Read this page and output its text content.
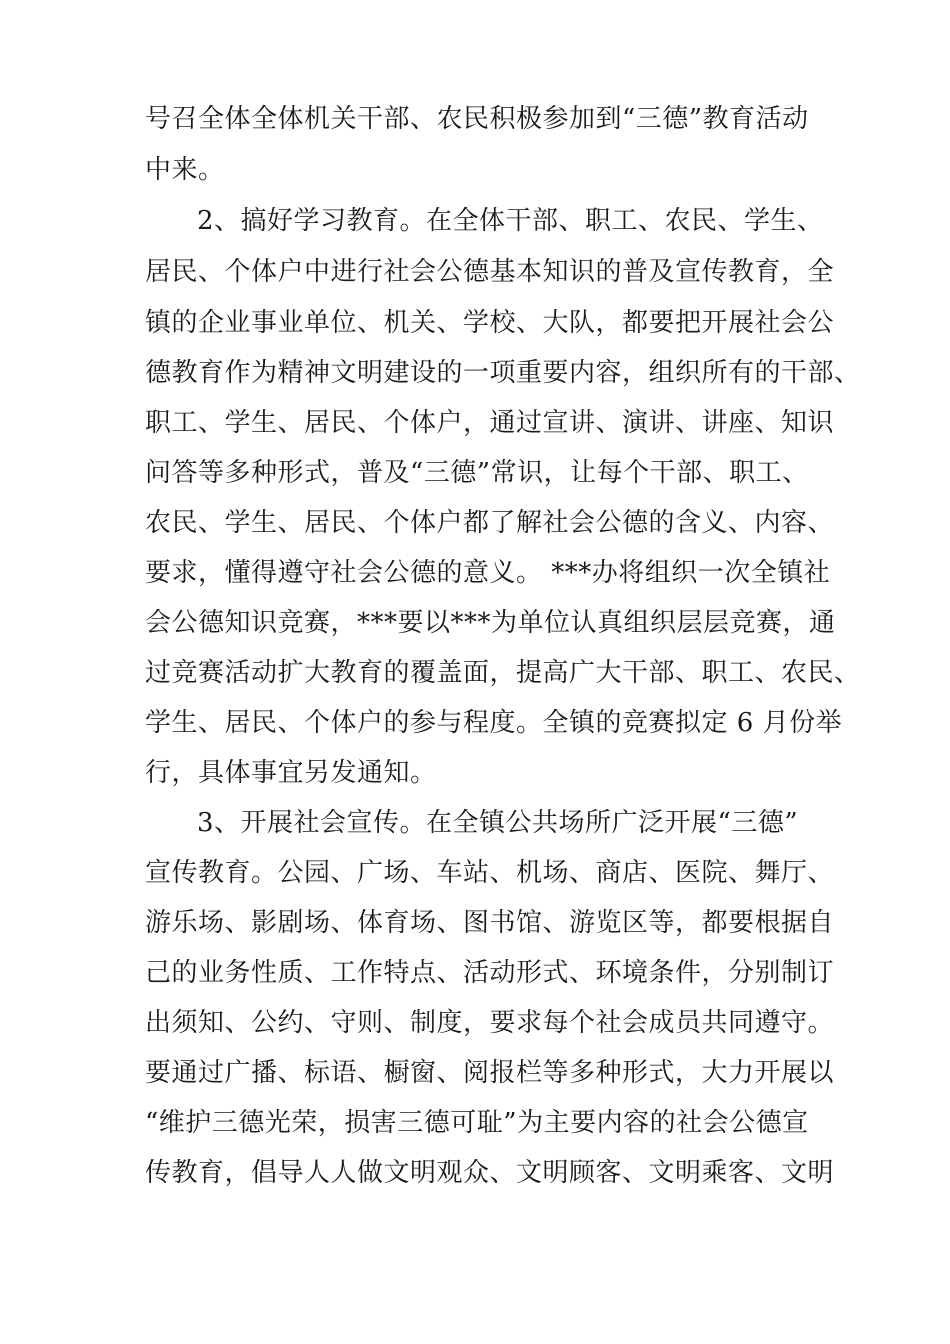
号召全体全体机关干部、农民积极参加到“三德”教育活动
中来。
2、搞好学习教育。在全体干部、职工、农民、学生、
居民、个体户中进行社会公德基本知识的普及宣传教育，全
镇的企业事业单位、机关、学校、大队，都要把开展社会公
德教育作为精神文明建设的一项重要内容，组织所有的干部、
职工、学生、居民、个体户，通过宣讲、演讲、讲座、知识
问答等多种形式，普及“三德”常识，让每个干部、职工、
农民、学生、居民、个体户都了解社会公德的含义、内容、
要求，懂得遵守社会公德的意义。 ***办将组织一次全镇社
会公德知识竞赛，***要以***为单位认真组织层层竞赛，通
过竞赛活动扩大教育的覆盖面，提高广大干部、职工、农民、
学生、居民、个体户的参与程度。全镇的竞赛拟定 6 月份举
行，具体事宜另发通知。
3、开展社会宣传。在全镇公共场所广泛开展“三德”
宣传教育。公园、广场、车站、机场、商店、医院、舞厅、
游乐场、影剧场、体育场、图书馆、游览区等，都要根据自
己的业务性质、工作特点、活动形式、环境条件，分别制订
出须知、公约、守则、制度，要求每个社会成员共同遵守。
要通过广播、标语、橱窗、阅报栏等多种形式，大力开展以
“维护三德光荣，损害三德可耻”为主要内容的社会公德宣
传教育，倡导人人做文明观众、文明顾客、文明乘客、文明
